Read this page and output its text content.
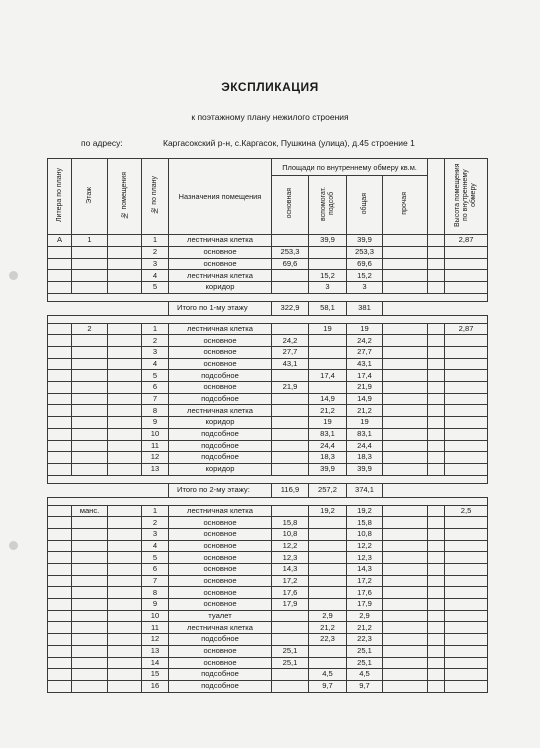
ЭКСПЛИКАЦИЯ
к поэтажному плану нежилого строения
по адресу:	Каргасокский р-н, с.Каргасок, Пушкина (улица), д.45 строение 1
Литера по плану	Этаж	№ помещения	№ по плану	Назначения помещения	Площади по внутреннему обмеру кв.м.					Высота помещения по внутреннему обмеру
					основная	вспомогат. подсоб	общая	прочая		
А	1		1	лестничная клетка		39,9	39,9			2,87
			2	основное	253,3		253,3			
			3	основное	69,6		69,6			
			4	лестничная клетка		15,2	15,2			
			5	коридор		3	3			

				Итого по 1-му этажу	322,9	58,1	381			

	2		1	лестничная клетка		19	19			2,87
			2	основное	24,2		24,2			
			3	основное	27,7		27,7			
			4	основное	43,1		43,1			
			5	подсобное		17,4	17,4			
			6	основное	21,9		21,9			
			7	подсобное		14,9	14,9			
			8	лестничная клетка		21,2	21,2			
			9	коридор		19	19			
			10	подсобное		83,1	83,1			
			11	подсобное		24,4	24,4			
			12	подсобное		18,3	18,3			
			13	коридор		39,9	39,9			

				Итого по 2-му этажу:	116,9	257,2	374,1			

	манс.		1	лестничная клетка		19,2	19,2			2,5
			2	основное	15,8		15,8			
			3	основное	10,8		10,8			
			4	основное	12,2		12,2			
			5	основное	12,3		12,3			
			6	основное	14,3		14,3			
			7	основное	17,2		17,2			
			8	основное	17,6		17,6			
			9	основное	17,9		17,9			
			10	туалет		2,9	2,9			
			11	лестничная клетка		21,2	21,2			
			12	подсобное		22,3	22,3			
			13	основное	25,1		25,1			
			14	основное	25,1		25,1			
			15	подсобное		4,5	4,5			
			16	подсобное		9,7	9,7			
